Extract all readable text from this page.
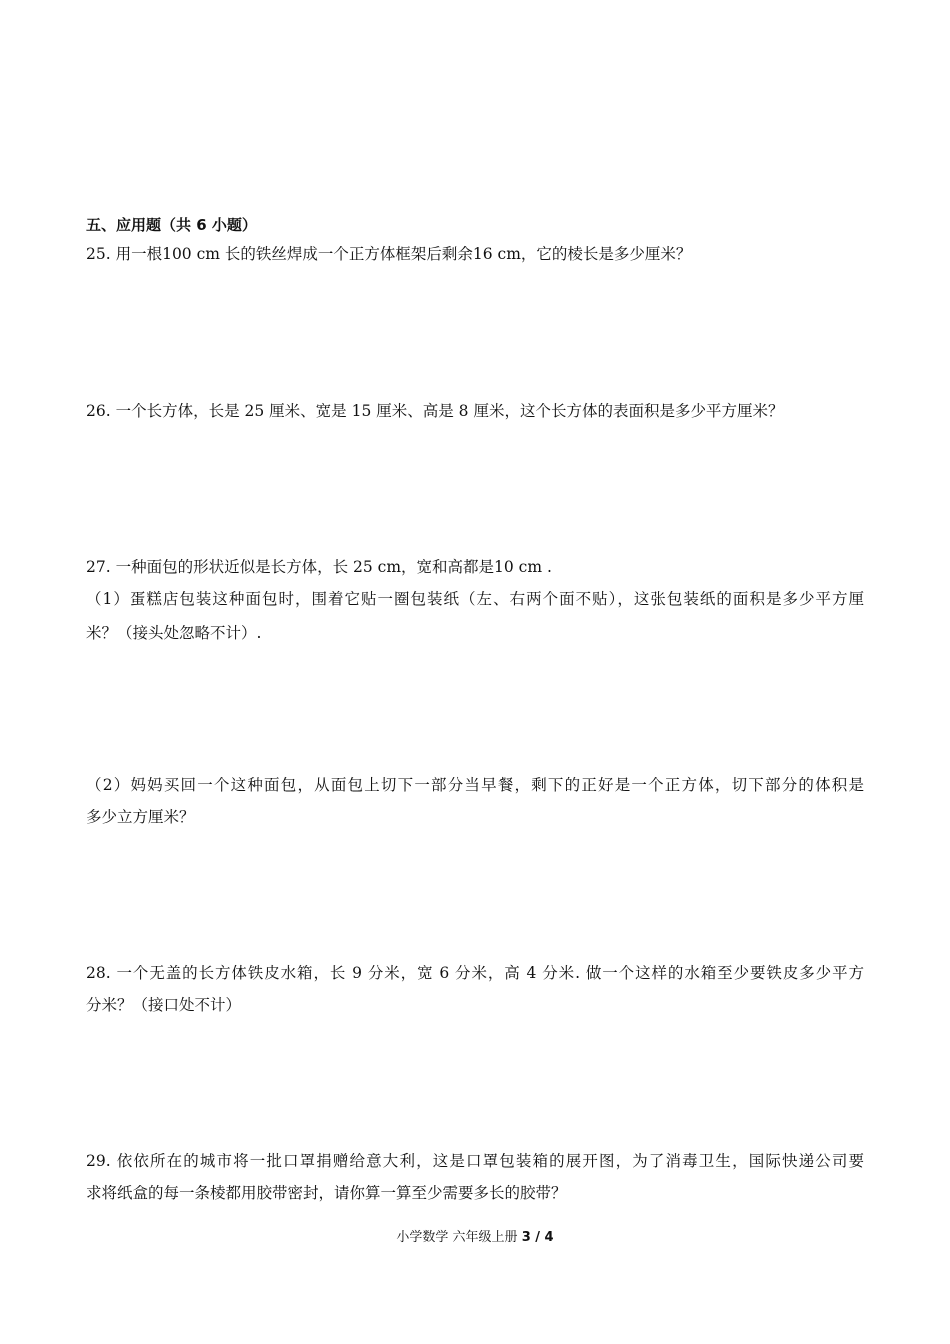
五、应用题（共 6 小题）
25. 用一根100 cm 长的铁丝焊成一个正方体框架后剩余16 cm，它的棱长是多少厘米？
26. 一个长方体，长是 25 厘米、宽是 15 厘米、高是 8 厘米，这个长方体的表面积是多少平方厘米？
27. 一种面包的形状近似是长方体，长 25 cm，宽和高都是10 cm .
（1）蛋糕店包装这种面包时，围着它贴一圈包装纸（左、右两个面不贴），这张包装纸的面积是多少平方厘
米？（接头处忽略不计）.
（2）妈妈买回一个这种面包，从面包上切下一部分当早餐，剩下的正好是一个正方体，切下部分的体积是
多少立方厘米？
28. 一个无盖的长方体铁皮水箱，长 9 分米，宽 6 分米，高 4 分米. 做一个这样的水箱至少要铁皮多少平方
分米？（接口处不计）
29. 依依所在的城市将一批口罩捐赠给意大利，这是口罩包装箱的展开图，为了消毒卫生，国际快递公司要
求将纸盒的每一条棱都用胶带密封，请你算一算至少需要多长的胶带？
小学数学 六年级上册 3 / 4
